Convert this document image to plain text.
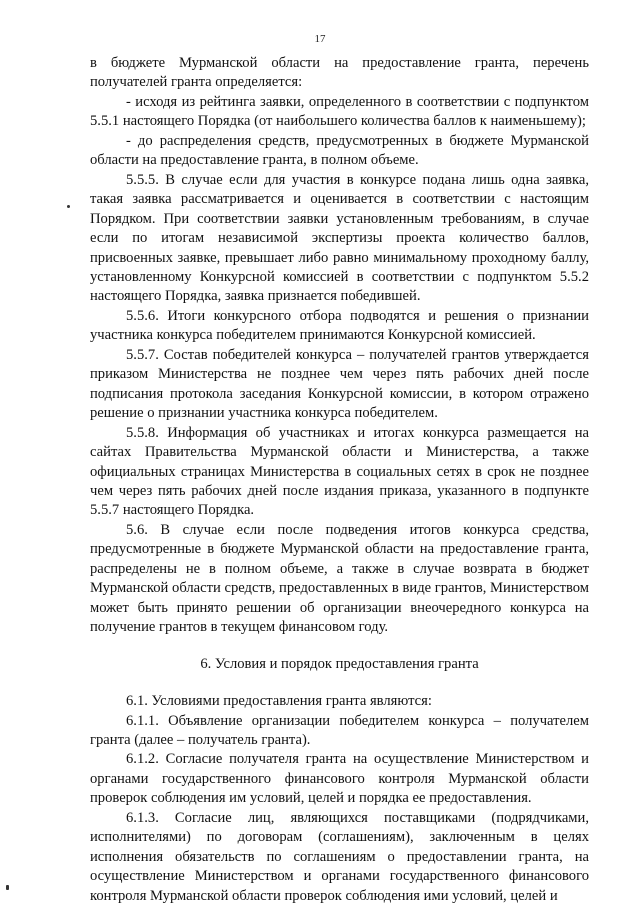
17

в бюджете Мурманской области на предоставление гранта, перечень получателей гранта определяется:

- исходя из рейтинга заявки, определенного в соответствии с подпунктом 5.5.1 настоящего Порядка (от наибольшего количества баллов к наименьшему);

- до распределения средств, предусмотренных в бюджете Мурманской области на предоставление гранта, в полном объеме.

5.5.5. В случае если для участия в конкурсе подана лишь одна заявка, такая заявка рассматривается и оценивается в соответствии с настоящим Порядком. При соответствии заявки установленным требованиям, в случае если по итогам независимой экспертизы проекта количество баллов, присвоенных заявке, превышает либо равно минимальному проходному баллу, установленному Конкурсной комиссией в соответствии с подпунктом 5.5.2 настоящего Порядка, заявка признается победившей.

5.5.6. Итоги конкурсного отбора подводятся и решения о признании участника конкурса победителем принимаются Конкурсной комиссией.

5.5.7. Состав победителей конкурса – получателей грантов утверждается приказом Министерства не позднее чем через пять рабочих дней после подписания протокола заседания Конкурсной комиссии, в котором отражено решение о признании участника конкурса победителем.

5.5.8. Информация об участниках и итогах конкурса размещается на сайтах Правительства Мурманской области и Министерства, а также официальных страницах Министерства в социальных сетях в срок не позднее чем через пять рабочих дней после издания приказа, указанного в подпункте 5.5.7 настоящего Порядка.

5.6. В случае если после подведения итогов конкурса средства, предусмотренные в бюджете Мурманской области на предоставление гранта, распределены не в полном объеме, а также в случае возврата в бюджет Мурманской области средств, предоставленных в виде грантов, Министерством может быть принято решении об организации внеочередного конкурса на получение грантов в текущем финансовом году.

6. Условия и порядок предоставления гранта

6.1. Условиями предоставления гранта являются:

6.1.1. Объявление организации победителем конкурса – получателем гранта (далее – получатель гранта).

6.1.2. Согласие получателя гранта на осуществление Министерством и органами государственного финансового контроля Мурманской области проверок соблюдения им условий, целей и порядка ее предоставления.

6.1.3. Согласие лиц, являющихся поставщиками (подрядчиками, исполнителями) по договорам (соглашениям), заключенным в целях исполнения обязательств по соглашениям о предоставлении гранта, на осуществление Министерством и органами государственного финансового контроля Мурманской области проверок соблюдения ими условий, целей и
